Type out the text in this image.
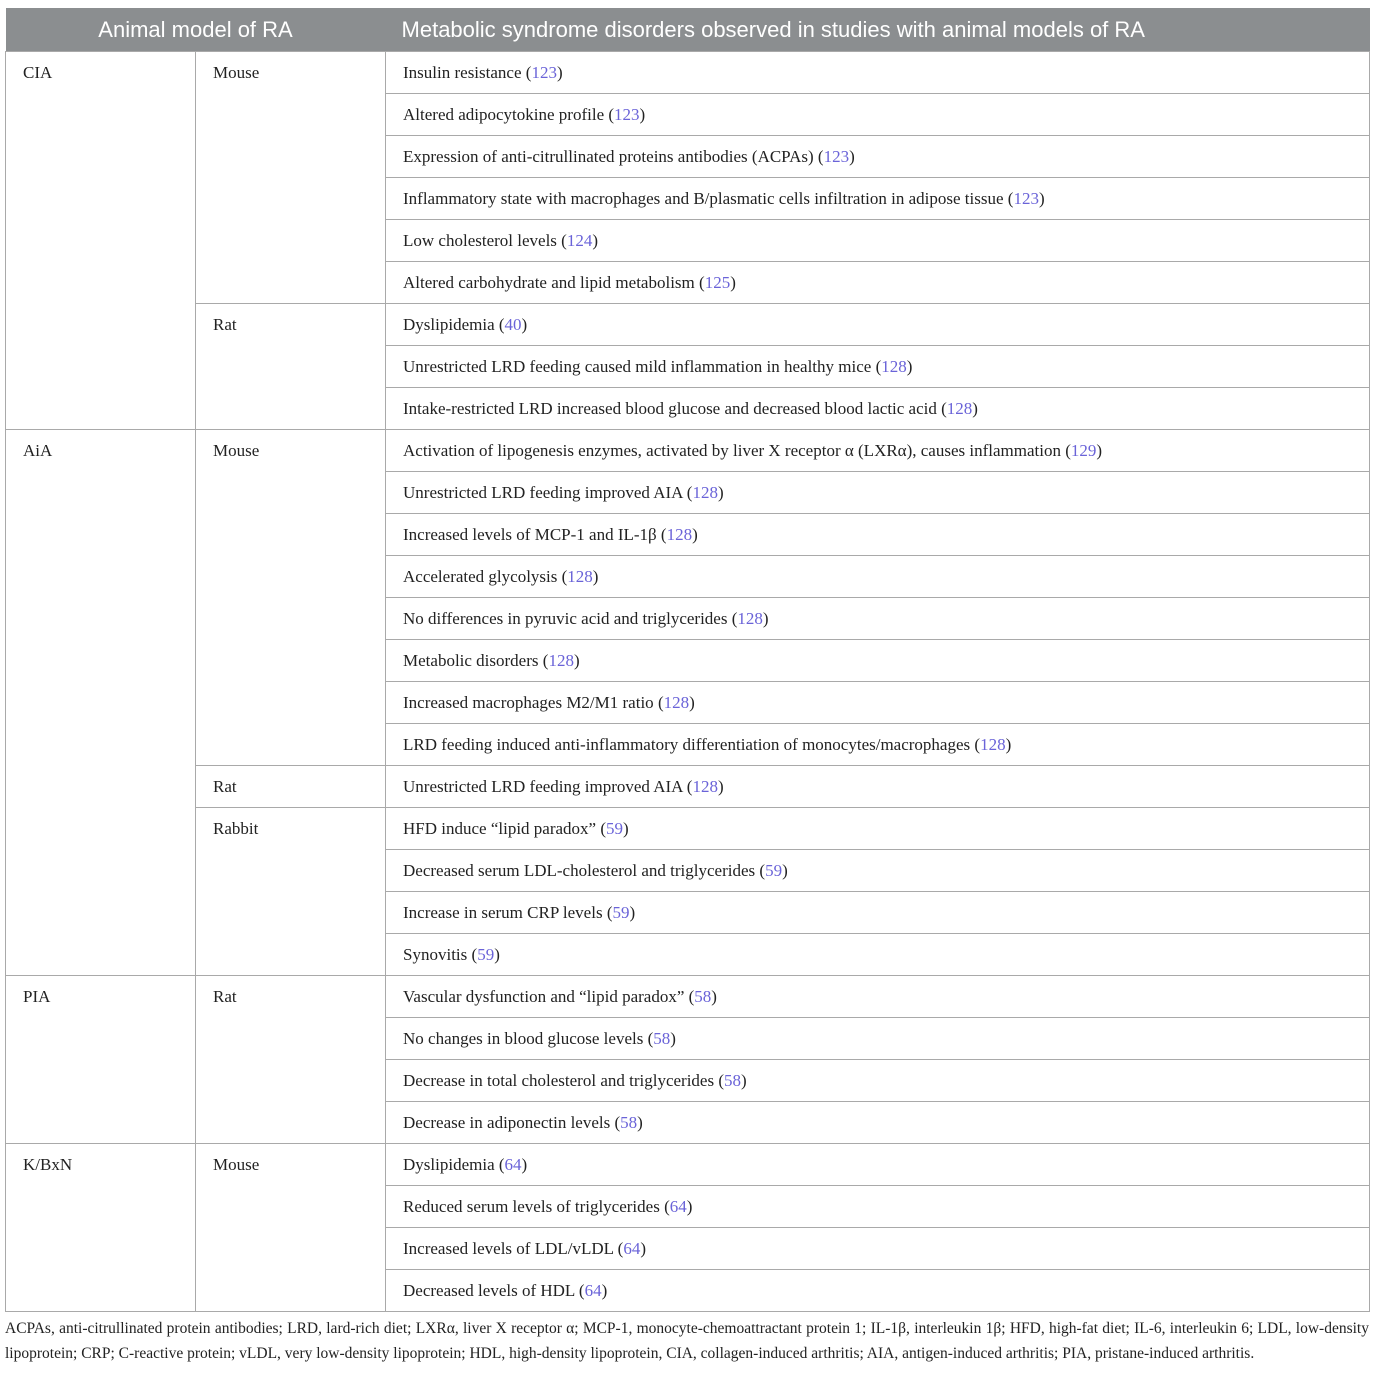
Animal model of RA		Metabolic syndrome disorders observed in studies with animal models of RA
CIA	Mouse	Insulin resistance (123)
		Altered adipocytokine profile (123)
		Expression of anti-citrullinated proteins antibodies (ACPAs) (123)
		Inflammatory state with macrophages and B/plasmatic cells infiltration in adipose tissue (123)
		Low cholesterol levels (124)
		Altered carbohydrate and lipid metabolism (125)
	Rat	Dyslipidemia (40)
		Unrestricted LRD feeding caused mild inflammation in healthy mice (128)
		Intake-restricted LRD increased blood glucose and decreased blood lactic acid (128)
AiA	Mouse	Activation of lipogenesis enzymes, activated by liver X receptor α (LXRα), causes inflammation (129)
		Unrestricted LRD feeding improved AIA (128)
		Increased levels of MCP-1 and IL-1β (128)
		Accelerated glycolysis (128)
		No differences in pyruvic acid and triglycerides (128)
		Metabolic disorders (128)
		Increased macrophages M2/M1 ratio (128)
		LRD feeding induced anti-inflammatory differentiation of monocytes/macrophages (128)
	Rat	Unrestricted LRD feeding improved AIA (128)
	Rabbit	HFD induce “lipid paradox” (59)
		Decreased serum LDL-cholesterol and triglycerides (59)
		Increase in serum CRP levels (59)
		Synovitis (59)
PIA	Rat	Vascular dysfunction and “lipid paradox” (58)
		No changes in blood glucose levels (58)
		Decrease in total cholesterol and triglycerides (58)
		Decrease in adiponectin levels (58)
K/BxN	Mouse	Dyslipidemia (64)
		Reduced serum levels of triglycerides (64)
		Increased levels of LDL/vLDL (64)
		Decreased levels of HDL (64)
ACPAs, anti-citrullinated protein antibodies; LRD, lard-rich diet; LXRα, liver X receptor α; MCP-1, monocyte-chemoattractant protein 1; IL-1β, interleukin 1β; HFD, high-fat diet; IL-6, interleukin 6; LDL, low-density lipoprotein; CRP; C-reactive protein; vLDL, very low-density lipoprotein; HDL, high-density lipoprotein, CIA, collagen-induced arthritis; AIA, antigen-induced arthritis; PIA, pristane-induced arthritis.
